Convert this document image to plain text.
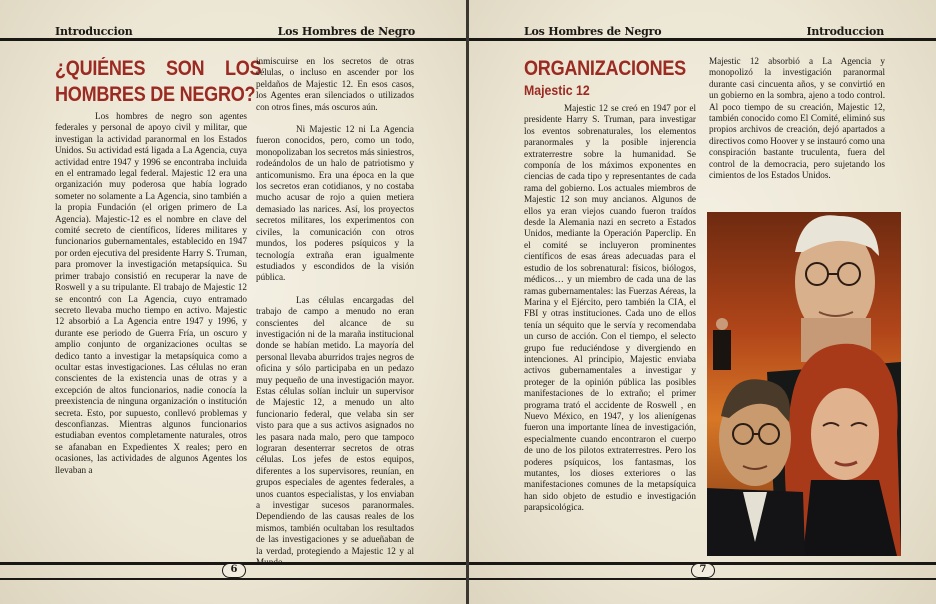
Introduccion	Los Hombres de Negro
¿QUIÉNES SON LOS HOMBRES DE NEGRO?

Los hombres de negro son agentes federales y personal de apoyo civil y militar, que investigan la actividad paranormal en los Estados Unidos. Su actividad está ligada a La Agencia, cuya actividad entre 1947 y 1996 se encontraba incluida en el entramado legal federal. Majestic 12 era una organización muy poderosa que había logrado someter no solamente a La Agencia, sino también a la propia Fundación (el origen primero de La Agencia). Majestic-12 es el nombre en clave del comité secreto de científicos, líderes militares y funcionarios gubernamentales, establecido en 1947 por orden ejecutiva del presidente Harry S. Truman, para promover la investigación metapsíquica. Su primer trabajo consistió en recuperar la nave de Roswell y a su tripulante. El trabajo de Majestic 12 se encontró con La Agencia, cuyo entramado secreto llevaba mucho tiempo en activo. Majestic 12 absorbió a La Agencia entre 1947 y 1996, y durante ese periodo de Guerra Fría, un oscuro y amplio conjunto de organizaciones ocultas se dedico tanto a investigar la metapsíquica como a ocultar estas investigaciones. Las células no eran conscientes de la existencia unas de otras y a excepción de altos funcionarios, nadie conocía la preexistencia de ninguna organización o institución secreta. Esto, por supuesto, conllevó problemas y desconfianzas. Mientras algunos funcionarios estudiaban eventos completamente naturales, otros se afanaban en Expedientes X reales; pero en ocasiones, las actividades de algunos Agentes los llevaban a

inmiscuirse en los secretos de otras células, o incluso en ascender por los peldaños de Majestic 12. En esos casos, los Agentes eran silenciados o utilizados con otros fines, más oscuros aún.

Ni Majestic 12 ni La Agencia fueron conocidos, pero, como un todo, monopolizaban los secretos más siniestros, rodeándolos de un halo de patriotismo y anticomunismo. Era una época en la que los secretos eran cotidianos, y no costaba mucho acusar de rojo a quien metiera demasiado las narices. Así, los proyectos secretos militares, los experimentos con civiles, la comunicación con otros mundos, los poderes psíquicos y la tecnología extraña eran igualmente estudiados y escondidos de la visión pública.

Las células encargadas del trabajo de campo a menudo no eran conscientes del alcance de su investigación ni de la maraña institucional donde se habían metido. La mayoría del personal llevaba aburridos trajes negros de oficina y sólo participaba en un pedazo muy pequeño de una investigación mayor. Estas células solían incluir un supervisor de Majestic 12, a menudo un alto funcionario federal, que velaba sin ser visto para que a sus activos asignados no les pasara nada malo, pero que tampoco lograran desenterrar secretos de otras células. Los jefes de estos equipos, diferentes a los supervisores, reunían, en grupos especiales de agentes federales, a unos cuantos especialistas, y los enviaban a investigar sucesos paranormales. Dependiendo de las causas reales de los mismos, también ocultaban los resultados de las investigaciones y se adueñaban de la verdad, protegiendo a Majestic 12 y al

6
Los Hombres de Negro	Introduccion
ORGANIZACIONES
Majestic 12

Majestic 12 se creó en 1947 por el presidente Harry S. Truman, para investigar los eventos sobrenaturales, los elementos paranormales y la posible injerencia extraterrestre sobre la humanidad. Se componía de los máximos exponentes en ciencias de cada tipo y representantes de cada rama del gobierno. Los actuales miembros de Majestic 12 son muy ancianos. Algunos de ellos ya eran viejos cuando fueron traídos desde la Alemania nazi en secreto a Estados Unidos, mediante la Operación Paperclip. En el comité se incluyeron prominentes científicos de esas áreas adecuadas para el estudio de los sobrenatural: físicos, biólogos, médicos… y un miembro de cada una de las ramas gubernamentales: las Fuerzas Aéreas, la Marina y el Ejército, pero también la CIA, el FBI y otras instituciones. Cada uno de ellos tenía un séquito que le servía y recomendaba un curso de acción. Con el tiempo, el selecto grupo fue reduciéndose y divergiendo en intenciones. Al principio, Majestic enviaba activos gubernamentales a investigar y proteger de la opinión pública las posibles manifestaciones de lo extraño; el primer programa trató el accidente de Roswell , en Nuevo México, en 1947, y los alienígenas fueron una importante línea de investigación, especialmente cuando encontraron el cuerpo de uno de los pilotos extraterrestres. Pero los poderes psíquicos, los fantasmas, los mutantes, los dioses exteriores o las manifestaciones comunes de la metapsíquica han sido objeto de estudio e investigación parapsicológica.

Majestic 12 absorbió a La Agencia y monopolizó la investigación paranormal durante casi cincuenta años, y se convirtió en un gobierno en la sombra, ajeno a todo control. Al poco tiempo de su creación, Majestic 12, también conocido como El Comité, eliminó sus propios archivos de creación, dejó apartados a directivos como Hoover y se instauró como una conspiración bastante truculenta, fuera del control de la democracia, pero sujetando los cimientos de los Estados Unidos.

7
